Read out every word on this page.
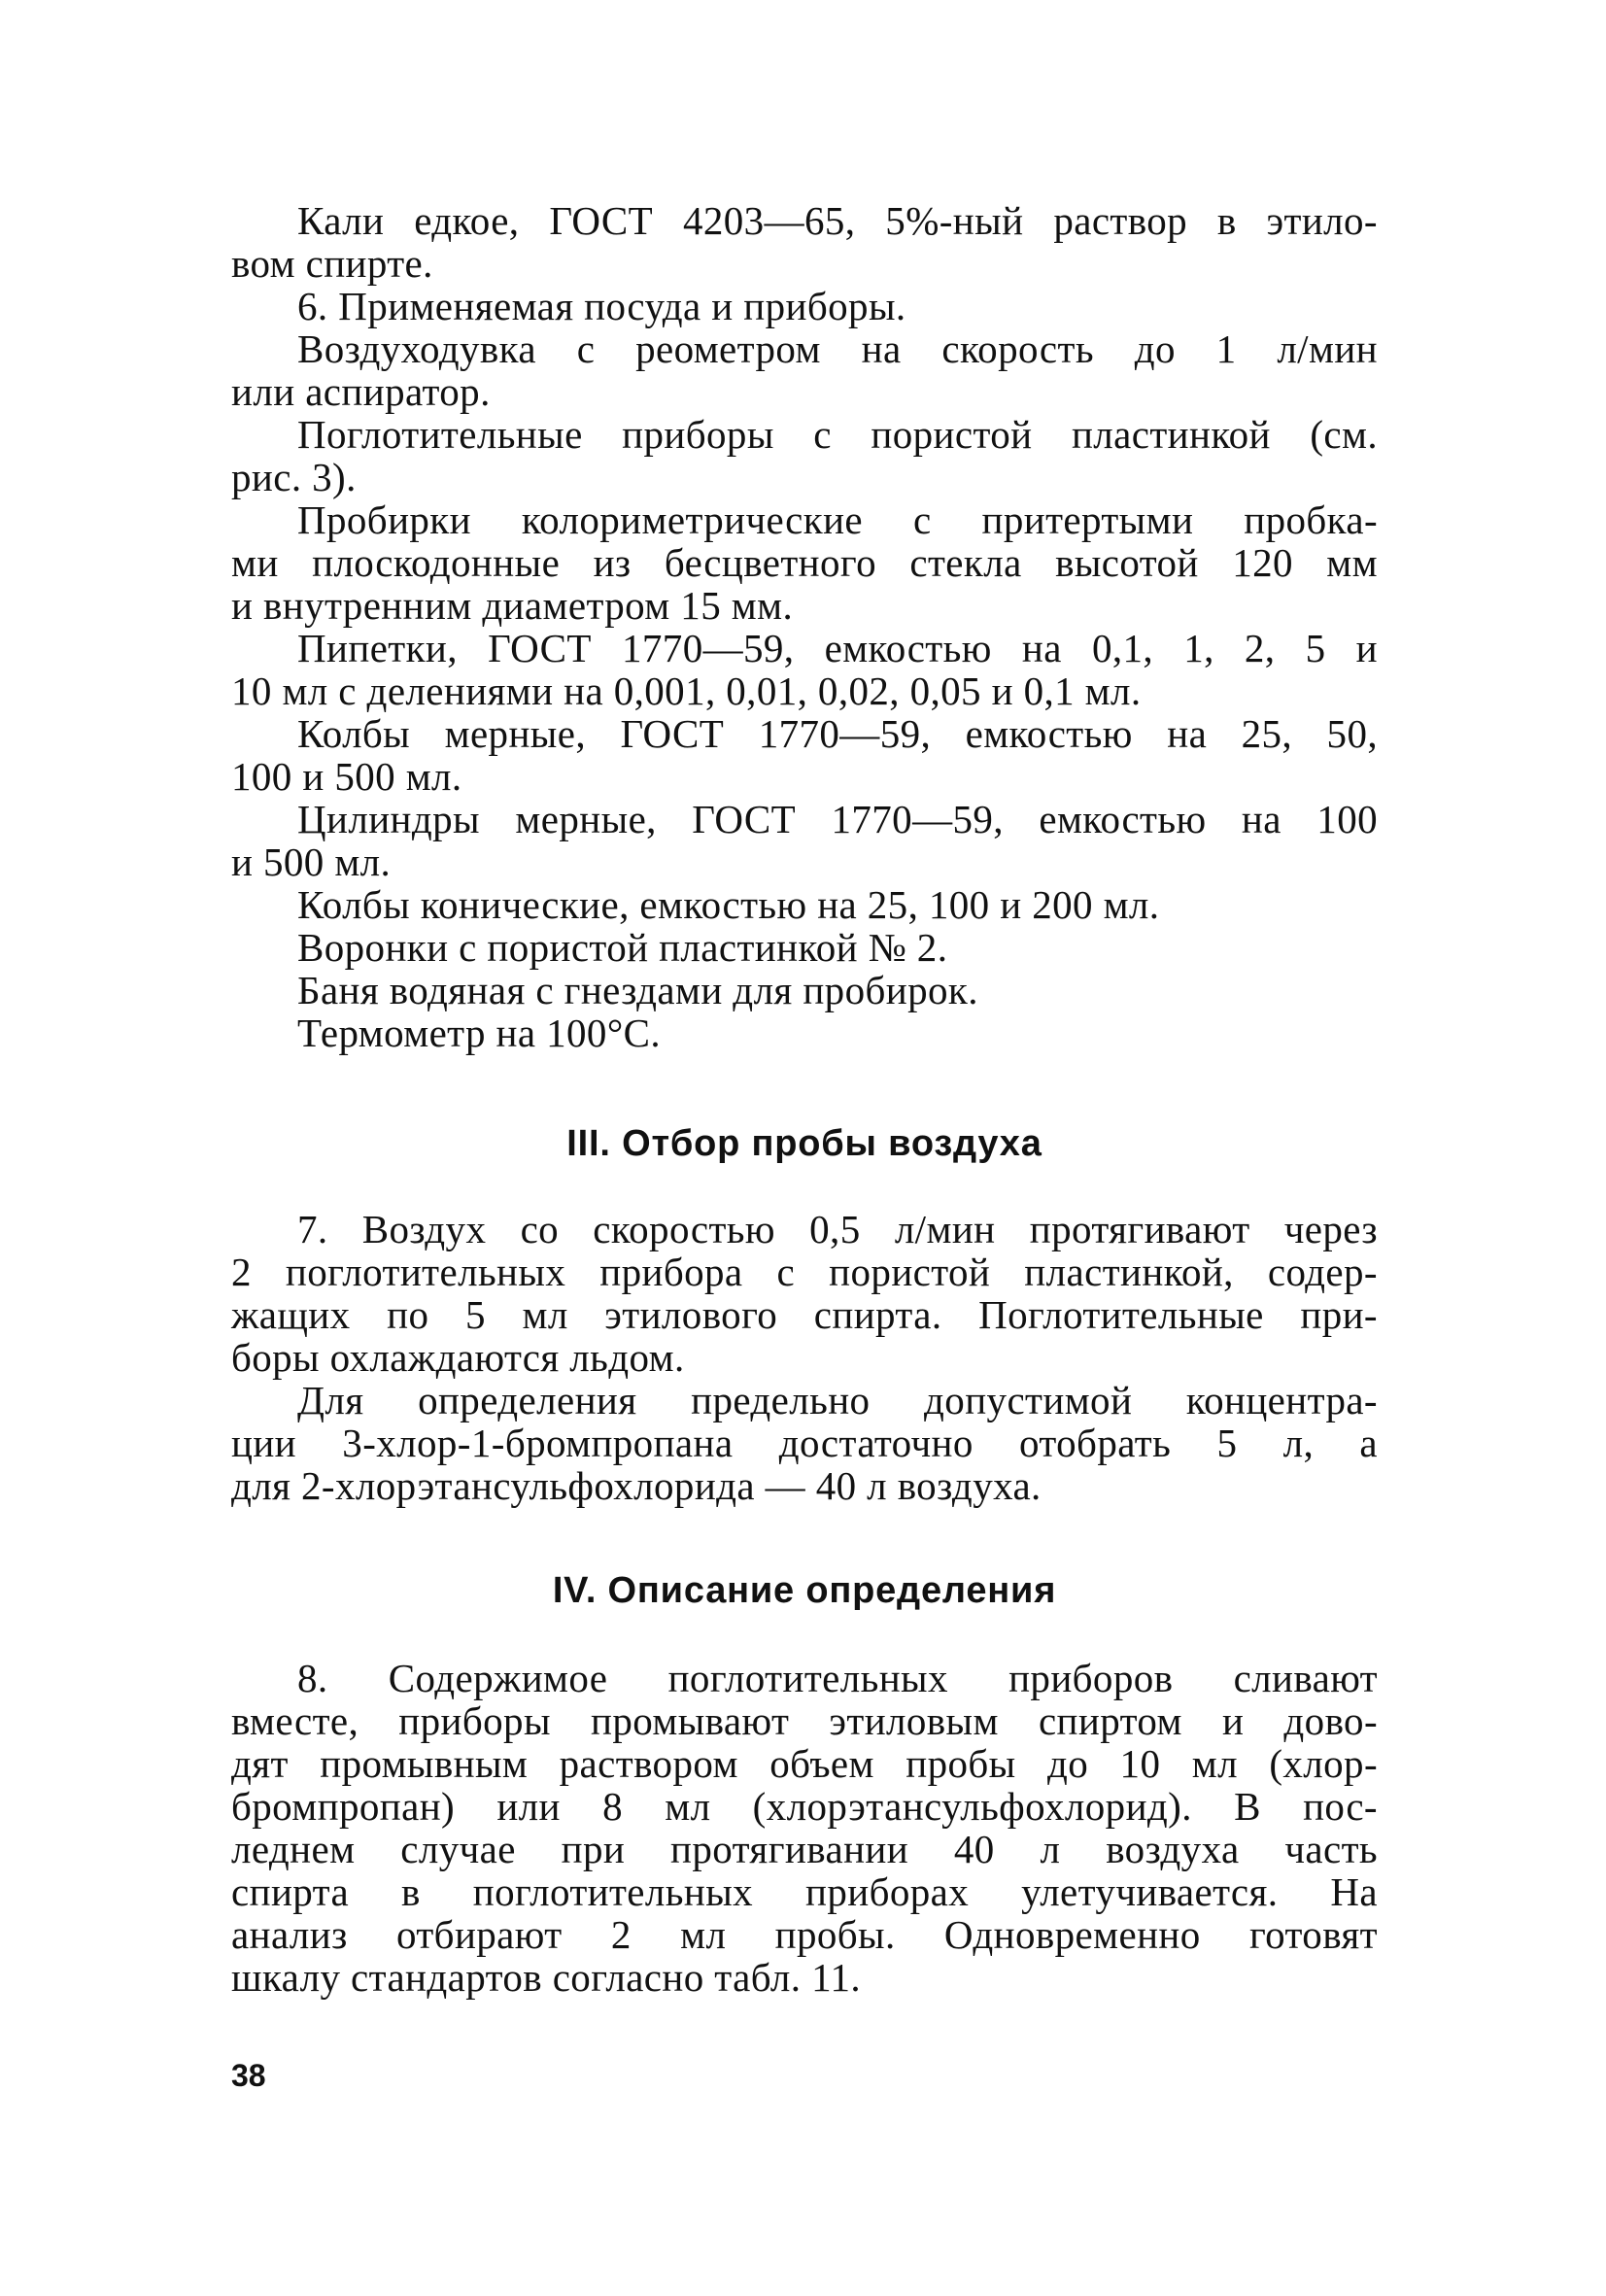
Кали едкое, ГОСТ 4203—65, 5%-ный раствор в этило-
вом спирте.
6. Применяемая посуда и приборы.
Воздуходувка с реометром на скорость до 1 л/мин
или аспиратор.
Поглотительные приборы с пористой пластинкой (см.
рис. 3).
Пробирки колориметрические с притертыми пробка-
ми плоскодонные из бесцветного стекла высотой 120 мм
и внутренним диаметром 15 мм.
Пипетки, ГОСТ 1770—59, емкостью на 0,1, 1, 2, 5 и
10 мл с делениями на 0,001, 0,01, 0,02, 0,05 и 0,1 мл.
Колбы мерные, ГОСТ 1770—59, емкостью на 25, 50,
100 и 500 мл.
Цилиндры мерные, ГОСТ 1770—59, емкостью на 100
и 500 мл.
Колбы конические, емкостью на 25, 100 и 200 мл.
Воронки с пористой пластинкой № 2.
Баня водяная с гнездами для пробирок.
Термометр на 100°С.
III. Отбор пробы воздуха
7. Воздух со скоростью 0,5 л/мин протягивают через
2 поглотительных прибора с пористой пластинкой, содер-
жащих по 5 мл этилового спирта. Поглотительные при-
боры охлаждаются льдом.
Для определения предельно допустимой концентра-
ции 3-хлор-1-бромпропана достаточно отобрать 5 л, а
для 2-хлорэтансульфохлорида — 40 л воздуха.
IV. Описание определения
8. Содержимое поглотительных приборов сливают
вместе, приборы промывают этиловым спиртом и дово-
дят промывным раствором объем пробы до 10 мл (хлор-
бромпропан) или 8 мл (хлорэтансульфохлорид). В пос-
леднем случае при протягивании 40 л воздуха часть
спирта в поглотительных приборах улетучивается. На
анализ отбирают 2 мл пробы. Одновременно готовят
шкалу стандартов согласно табл. 11.
38
